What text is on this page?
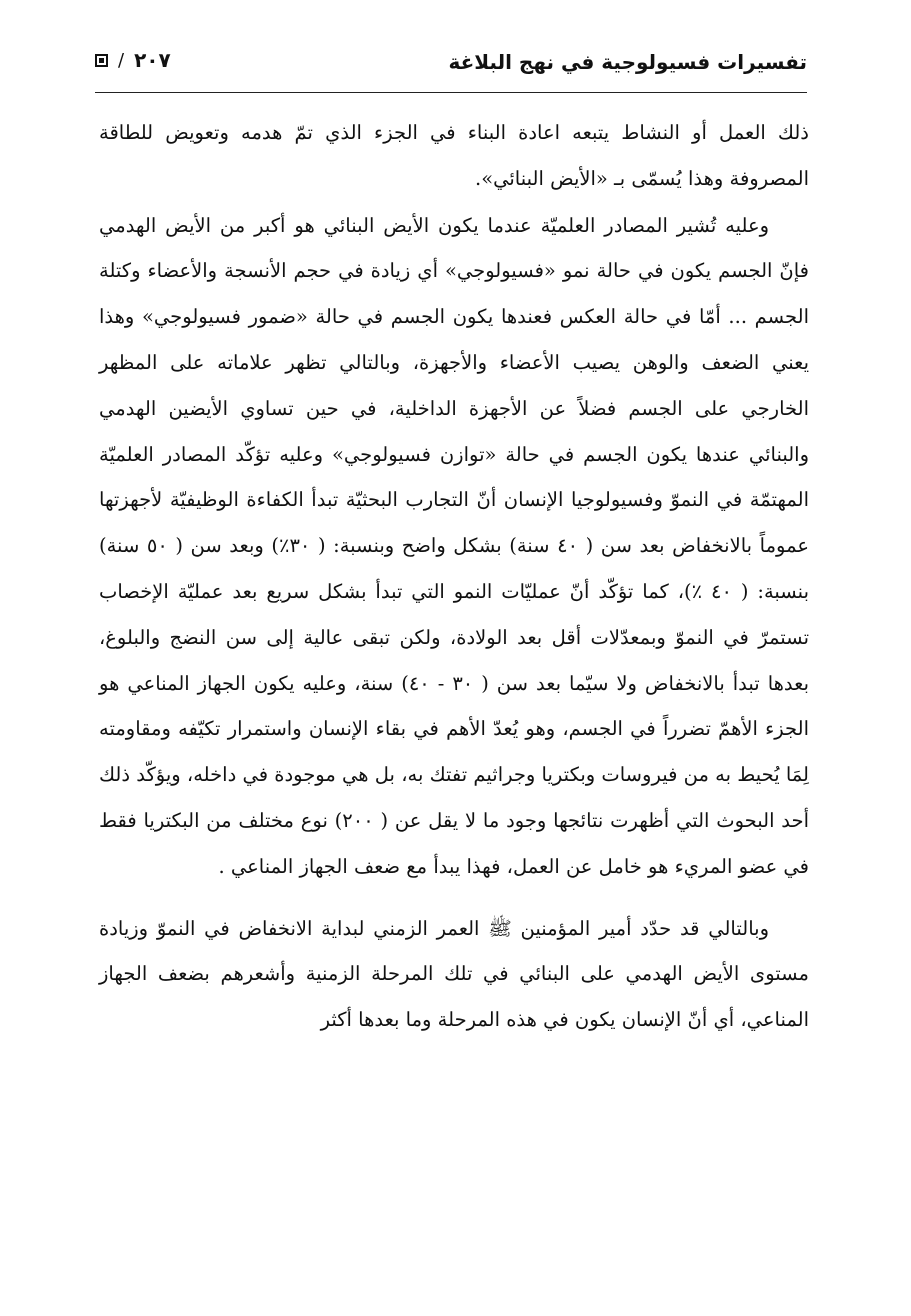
تفسيرات فسيولوجية في نهج البلاغة
/ ٢٠٧

ذلك العمل أو النشاط يتبعه اعادة البناء في الجزء الذي تمّ هدمه وتعويض للطاقة المصروفة وهذا يُسمّى بـ «الأيض البنائي».

وعليه تُشير المصادر العلميّة عندما يكون الأيض البنائي هو أكبر من الأيض الهدمي فإنّ الجسم يكون في حالة نمو «فسيولوجي» أي زيادة في حجم الأنسجة والأعضاء وكتلة الجسم ... أمّا في حالة العكس فعندها يكون الجسم في حالة «ضمور فسيولوجي» وهذا يعني الضعف والوهن يصيب الأعضاء والأجهزة، وبالتالي تظهر علاماته على المظهر الخارجي على الجسم فضلاً عن الأجهزة الداخلية، في حين تساوي الأيضين الهدمي والبنائي عندها يكون الجسم في حالة «توازن فسيولوجي» وعليه تؤكّد المصادر العلميّة المهتمّة في النموّ وفسيولوجيا الإنسان أنّ التجارب البحثيّة تبدأ الكفاءة الوظيفيّة لأجهزتها عموماً بالانخفاض بعد سن ( ٤٠ سنة) بشكل واضح وبنسبة: ( ٣٠٪) وبعد سن ( ٥٠ سنة) بنسبة: ( ٤٠ ٪)، كما تؤكّد أنّ عمليّات النمو التي تبدأ بشكل سريع بعد عمليّة الإخصاب تستمرّ في النموّ وبمعدّلات أقل بعد الولادة، ولكن تبقى عالية إلى سن النضج والبلوغ، بعدها تبدأ بالانخفاض ولا سيّما بعد سن ( ٣٠ - ٤٠) سنة، وعليه يكون الجهاز المناعي هو الجزء الأهمّ تضرراً في الجسم، وهو يُعدّ الأهم في بقاء الإنسان واستمرار تكيّفه ومقاومته لِمَا يُحيط به من فيروسات وبكتريا وجراثيم تفتك به، بل هي موجودة في داخله، ويؤكّد ذلك أحد البحوث التي أظهرت نتائجها وجود ما لا يقل عن ( ٢٠٠) نوع مختلف من البكتريا فقط في عضو المريء هو خامل عن العمل، فهذا يبدأ مع ضعف الجهاز المناعي .

وبالتالي قد حدّد أمير المؤمنين ﷺ العمر الزمني لبداية الانخفاض في النموّ وزيادة مستوى الأيض الهدمي على البنائي في تلك المرحلة الزمنية وأشعرهم بضعف الجهاز المناعي، أي أنّ الإنسان يكون في هذه المرحلة وما بعدها أكثر
